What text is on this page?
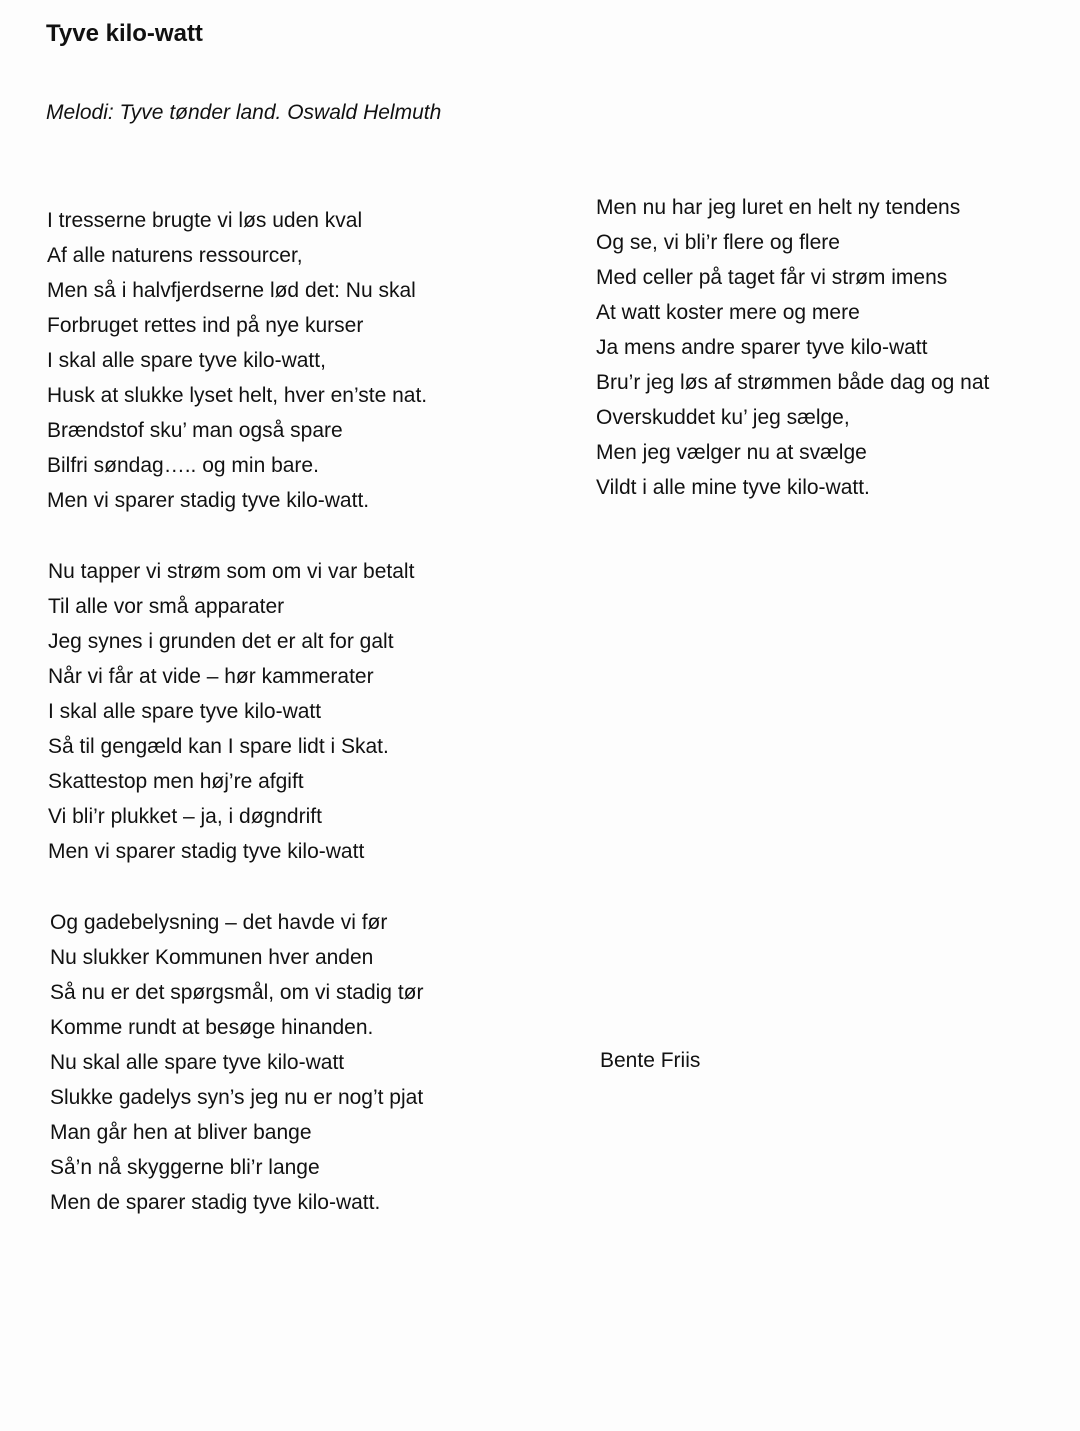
Tyve kilo-watt

Melodi: Tyve tønder land. Oswald Helmuth

I tresserne brugte vi løs uden kval
Af alle naturens ressourcer,
Men så i halvfjerdserne lød det: Nu skal
Forbruget rettes ind på nye kurser
I skal alle spare tyve kilo-watt,
Husk at slukke lyset helt, hver en’ste nat.
Brændstof sku’ man også spare
Bilfri søndag….. og min bare.
Men vi sparer stadig tyve kilo-watt.
Nu tapper vi strøm som om vi var betalt
Til alle vor små apparater
Jeg synes i grunden det er alt for galt
Når vi får at vide – hør kammerater
I skal alle spare tyve kilo-watt
Så til gengæld kan I spare lidt i Skat.
Skattestop men høj’re afgift
Vi bli’r plukket – ja, i døgndrift
Men vi sparer stadig tyve kilo-watt
Og gadebelysning – det havde vi før
Nu slukker Kommunen hver anden
Så nu er det spørgsmål, om vi stadig tør
Komme rundt at besøge hinanden.
Nu skal alle spare tyve kilo-watt
Slukke gadelys syn’s jeg nu er nog’t pjat
Man går hen at bliver bange
Så’n nå skyggerne bli’r lange
Men de sparer stadig tyve kilo-watt.
Men nu har jeg luret en helt ny tendens
Og se, vi bli’r flere og flere
Med celler på taget får vi strøm imens
At watt koster mere og mere
Ja mens andre sparer tyve kilo-watt
Bru’r jeg løs af strømmen både dag og nat
Overskuddet ku’ jeg sælge,
Men jeg vælger nu at svælge
Vildt i alle mine tyve kilo-watt.

Bente Friis
